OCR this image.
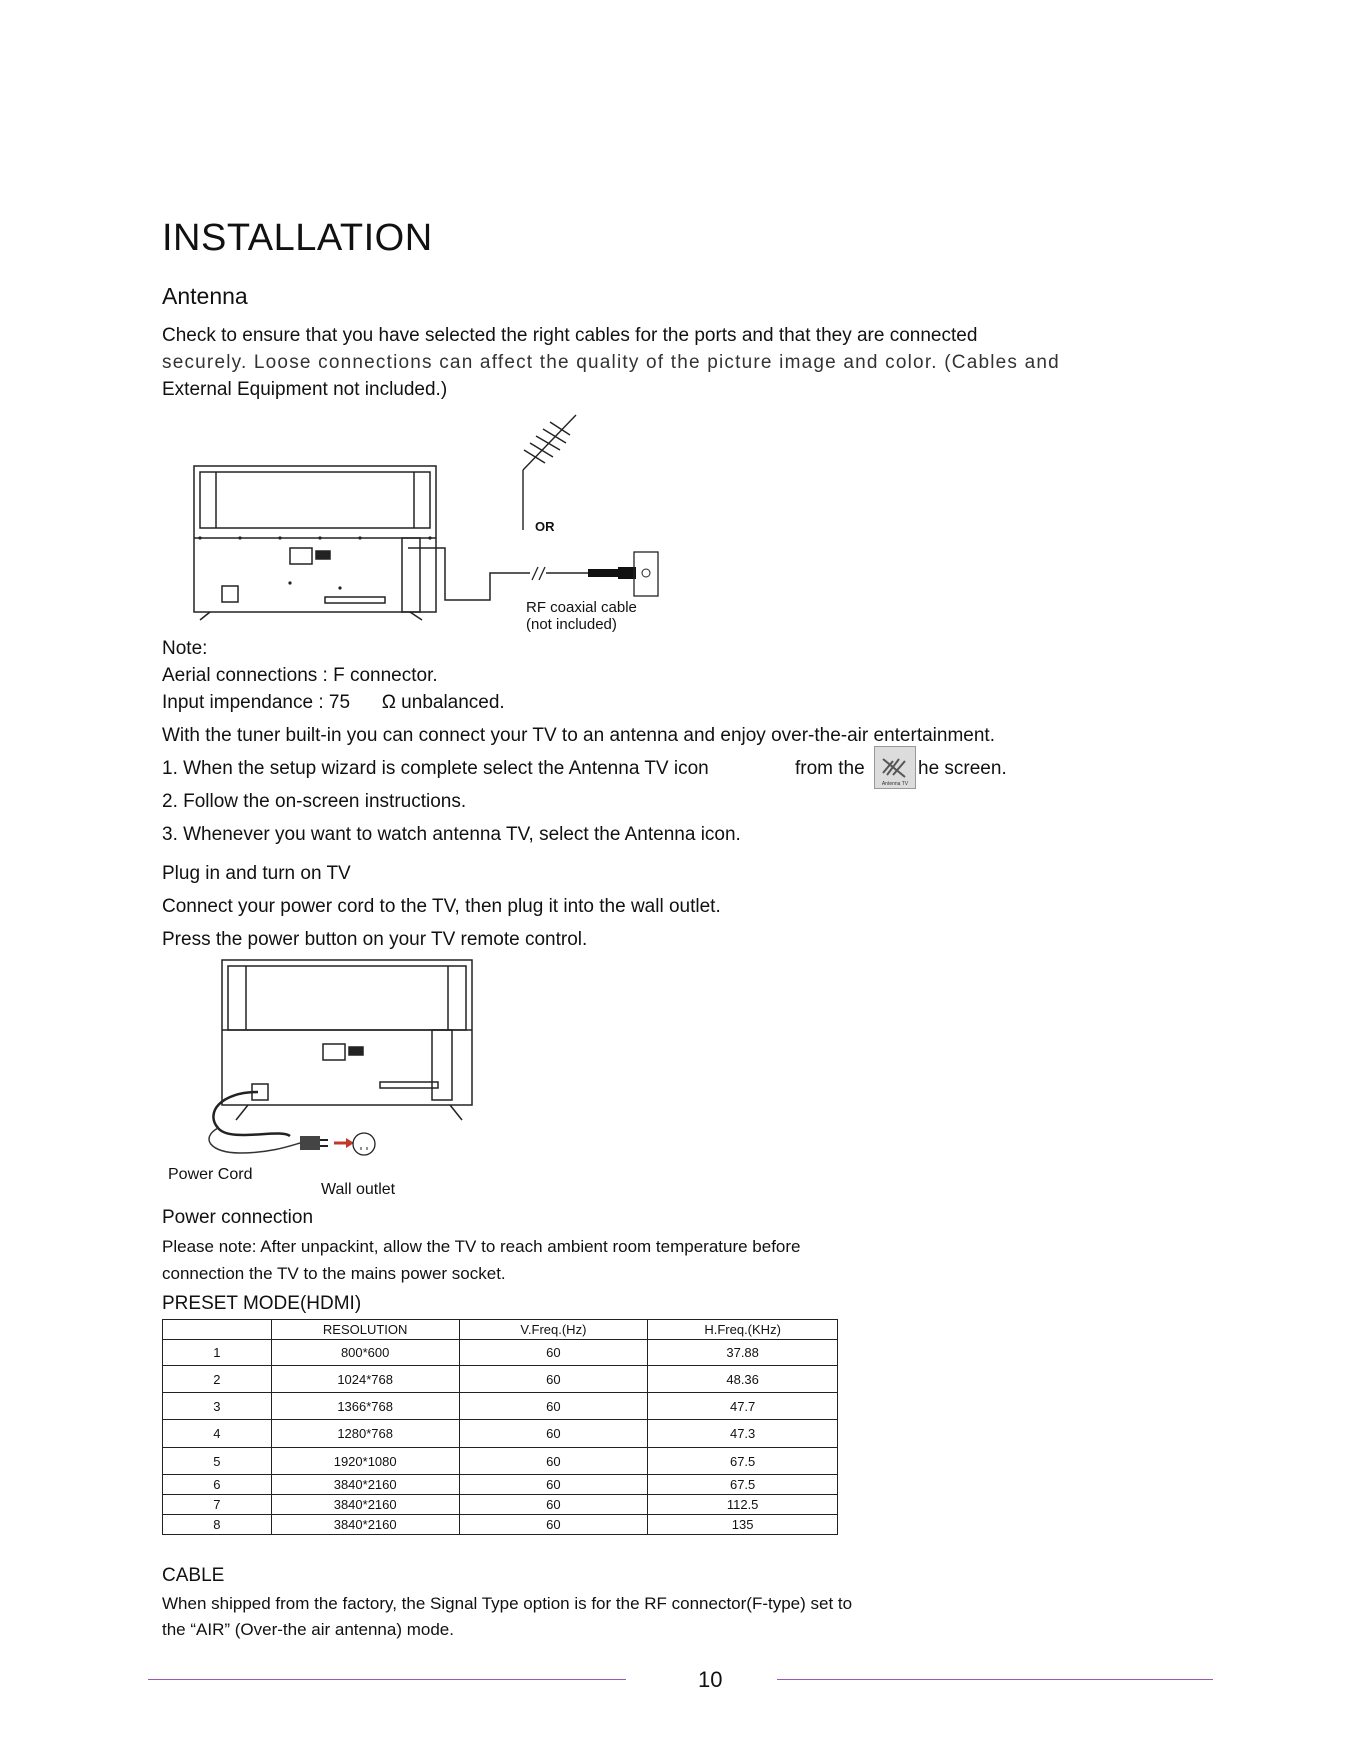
INSTALLATION
Antenna
Check to ensure that you have selected the right cables for the ports and that they are connected
securely. Loose connections can affect the quality of the picture image and color. (Cables and
External Equipment not included.)
OR
RF coaxial cable
(not included)
Note:
Aerial connections : F connector.
Input impendance : 75      Ω unbalanced.
With the tuner built-in you can connect your TV to an antenna and enjoy over-the-air entertainment.
1. When the setup wizard is complete select the Antenna TV icon	from the
Antenna TV
he screen.
2. Follow the on-screen instructions.
3. Whenever you want to watch antenna TV, select the Antenna icon.
Plug in and turn on TV
Connect your power cord to the TV, then plug it into the wall outlet.
Press the power button on your TV remote control.
Power Cord
Wall outlet
Power connection
Please note: After unpackint, allow the TV to reach ambient room temperature before
connection the TV to the mains power socket.
PRESET MODE(HDMI)
	RESOLUTION	V.Freq.(Hz)	H.Freq.(KHz)
1	800*600	60	37.88
2	1024*768	60	48.36
3	1366*768	60	47.7
4	1280*768	60	47.3
5	1920*1080	60	67.5
6	3840*2160	60	67.5
7	3840*2160	60	112.5
8	3840*2160	60	135
CABLE
When shipped from the factory, the Signal Type option is for the RF connector(F-type) set to
the “AIR” (Over-the air antenna) mode.
10
